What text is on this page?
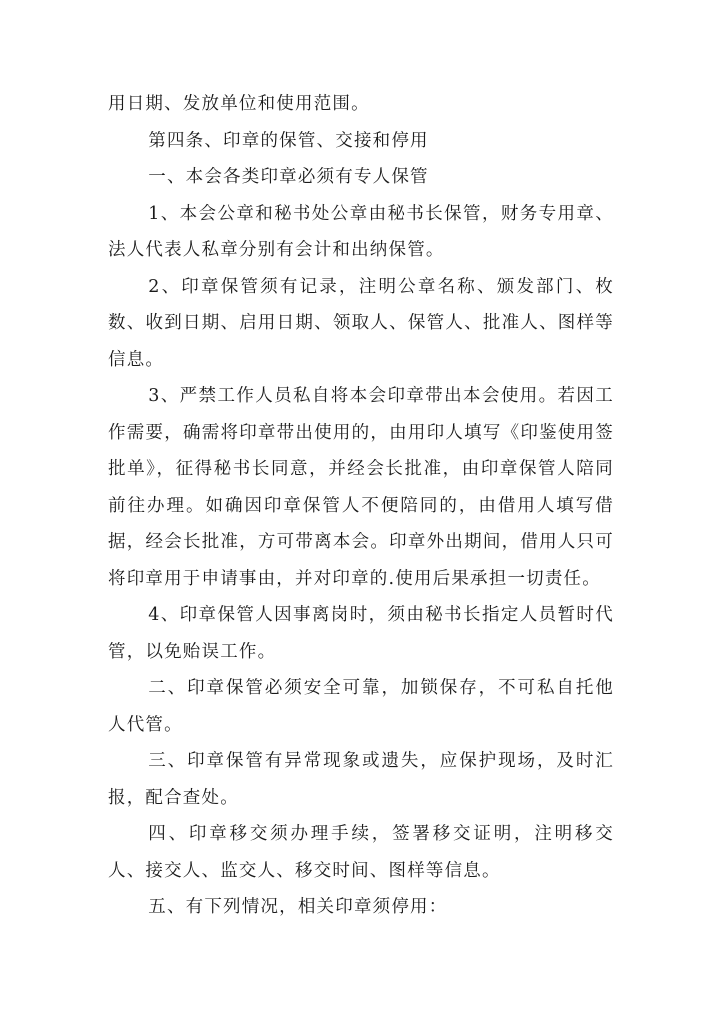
用日期、发放单位和使用范围。

第四条、印章的保管、交接和停用

一、本会各类印章必须有专人保管

1、本会公章和秘书处公章由秘书长保管，财务专用章、法人代表人私章分别有会计和出纳保管。

2、印章保管须有记录，注明公章名称、颁发部门、枚数、收到日期、启用日期、领取人、保管人、批准人、图样等信息。

3、严禁工作人员私自将本会印章带出本会使用。若因工作需要，确需将印章带出使用的，由用印人填写《印鉴使用签批单》，征得秘书长同意，并经会长批准，由印章保管人陪同前往办理。如确因印章保管人不便陪同的，由借用人填写借据，经会长批准，方可带离本会。印章外出期间，借用人只可将印章用于申请事由，并对印章的.使用后果承担一切责任。

4、印章保管人因事离岗时，须由秘书长指定人员暂时代管，以免贻误工作。

二、印章保管必须安全可靠，加锁保存，不可私自托他人代管。

三、印章保管有异常现象或遗失，应保护现场，及时汇报，配合查处。

四、印章移交须办理手续，签署移交证明，注明移交人、接交人、监交人、移交时间、图样等信息。

五、有下列情况，相关印章须停用：
